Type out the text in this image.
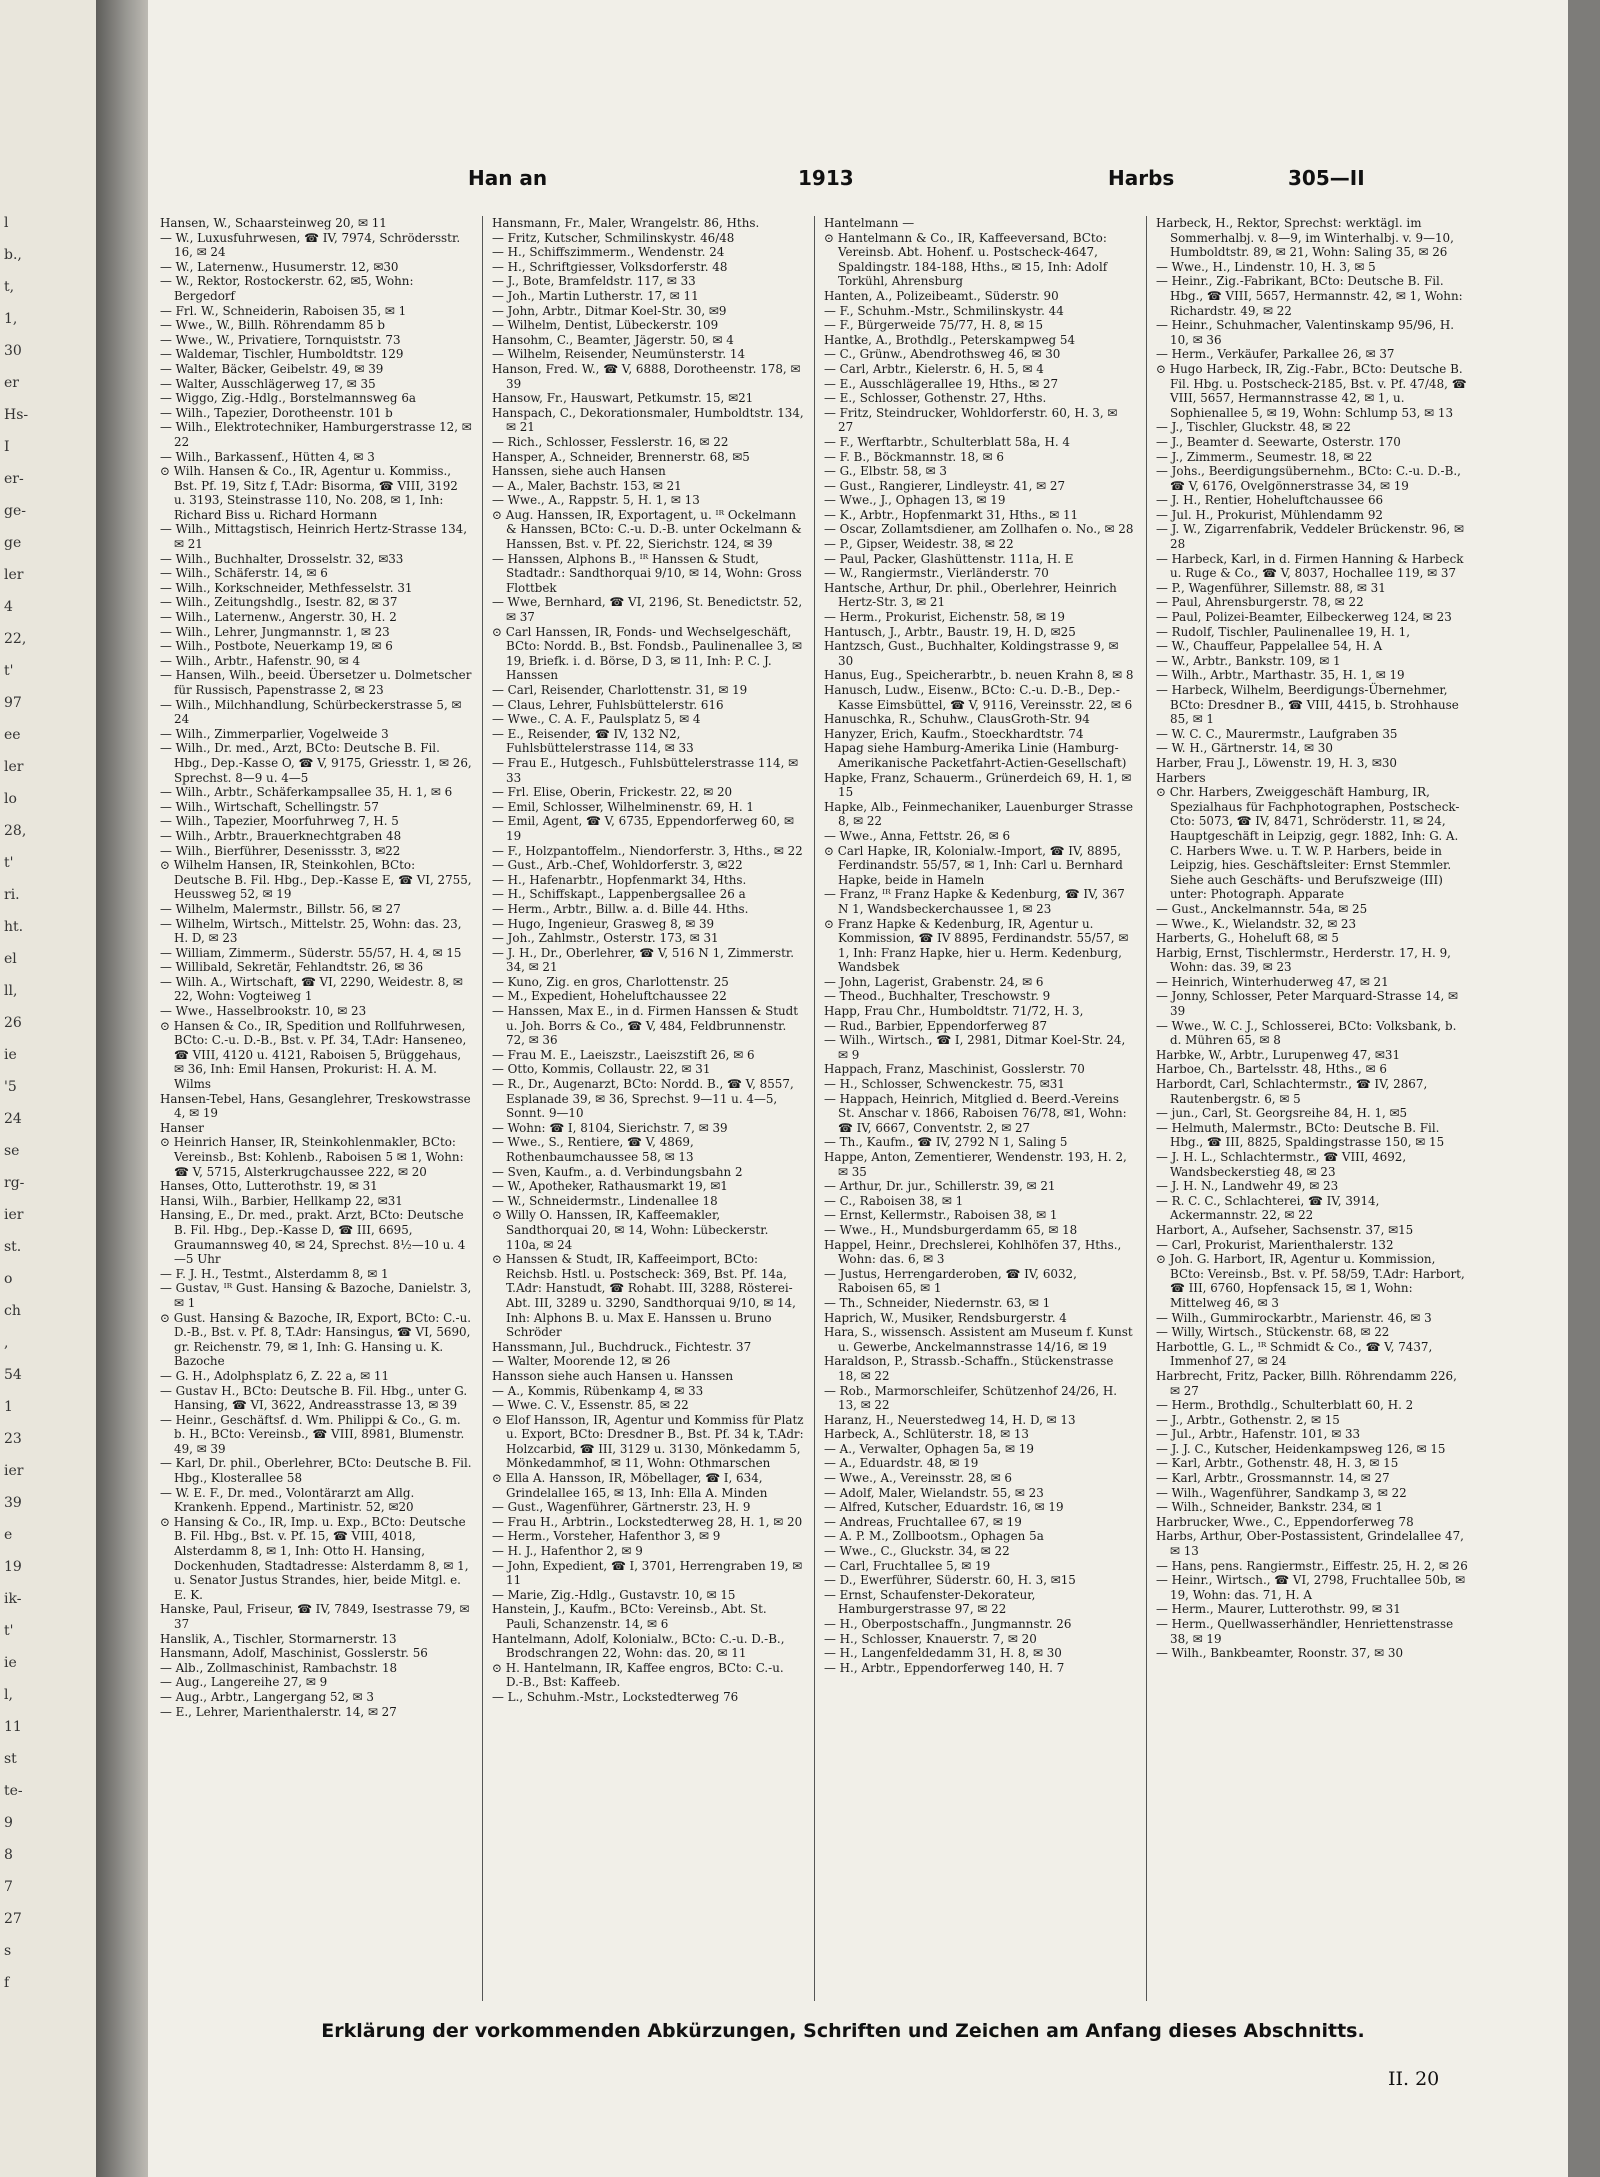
l
b.,
t,
1,
30
er
Hs-
I
er-
ge-
ge
ler
4
22,
t'
97
ee
ler
lo
28,
t'
ri.
ht.
el
ll,
26
ie
'5
24
se
rg-
ier
st.
o
ch
,
54
1
23
ier
39
e
19
ik-
t'
ie
l,
11
st
te-
9
8
7
27
s
f
Han an	1913	Harbs	305—II

Hansen, W., Schaarsteinweg 20, ✉ 11

— W., Luxusfuhrwesen, ☎ IV, 7974, Schrödersstr. 16, ✉ 24

— W., Laternenw., Husumerstr. 12, ✉30

— W., Rektor, Rostockerstr. 62, ✉5, Wohn: Bergedorf

— Frl. W., Schneiderin, Raboisen 35, ✉ 1

— Wwe., W., Billh. Röhrendamm 85 b

— Wwe., W., Privatiere, Tornquiststr. 73

— Waldemar, Tischler, Humboldtstr. 129

— Walter, Bäcker, Geibelstr. 49, ✉ 39

— Walter, Ausschlägerweg 17, ✉ 35

— Wiggo, Zig.-Hdlg., Borstelmannsweg 6a

— Wilh., Tapezier, Dorotheenstr. 101 b

— Wilh., Elektrotechniker, Hamburgerstrasse 12, ✉ 22

— Wilh., Barkassenf., Hütten 4, ✉ 3

⊙ Wilh. Hansen & Co., IR, Agentur u. Kommiss., Bst. Pf. 19, Sitz f, T.Adr: Bisorma, ☎ VIII, 3192 u. 3193, Steinstrasse 110, No. 208, ✉ 1, Inh: Richard Biss u. Richard Hormann

— Wilh., Mittagstisch, Heinrich Hertz-Strasse 134, ✉ 21

— Wilh., Buchhalter, Drosselstr. 32, ✉33

— Wilh., Schäferstr. 14, ✉ 6

— Wilh., Korkschneider, Methfesselstr. 31

— Wilh., Zeitungshdlg., Isestr. 82, ✉ 37

— Wilh., Laternenw., Angerstr. 30, H. 2

— Wilh., Lehrer, Jungmannstr. 1, ✉ 23

— Wilh., Postbote, Neuerkamp 19, ✉ 6

— Wilh., Arbtr., Hafenstr. 90, ✉ 4

— Hansen, Wilh., beeid. Übersetzer u. Dolmetscher für Russisch, Papenstrasse 2, ✉ 23

— Wilh., Milchhandlung, Schürbeckerstrasse 5, ✉ 24

— Wilh., Zimmerparlier, Vogelweide 3

— Wilh., Dr. med., Arzt, BCto: Deutsche B. Fil. Hbg., Dep.-Kasse O, ☎ V, 9175, Griesstr. 1, ✉ 26, Sprechst. 8—9 u. 4—5

— Wilh., Arbtr., Schäferkampsallee 35, H. 1, ✉ 6

— Wilh., Wirtschaft, Schellingstr. 57

— Wilh., Tapezier, Moorfuhrweg 7, H. 5

— Wilh., Arbtr., Brauerknechtgraben 48

— Wilh., Bierführer, Desenissstr. 3, ✉22

⊙ Wilhelm Hansen, IR, Steinkohlen, BCto: Deutsche B. Fil. Hbg., Dep.-Kasse E, ☎ VI, 2755, Heussweg 52, ✉ 19

— Wilhelm, Malermstr., Billstr. 56, ✉ 27

— Wilhelm, Wirtsch., Mittelstr. 25, Wohn: das. 23, H. D, ✉ 23

— William, Zimmerm., Süderstr. 55/57, H. 4, ✉ 15

— Willibald, Sekretär, Fehlandtstr. 26, ✉ 36

— Wilh. A., Wirtschaft, ☎ VI, 2290, Weidestr. 8, ✉ 22, Wohn: Vogteiweg 1

— Wwe., Hasselbrookstr. 10, ✉ 23

⊙ Hansen & Co., IR, Spedition und Rollfuhrwesen, BCto: C.-u. D.-B., Bst. v. Pf. 34, T.Adr: Hanseneo, ☎ VIII, 4120 u. 4121, Raboisen 5, Brüggehaus, ✉ 36, Inh: Emil Hansen, Prokurist: H. A. M. Wilms

Hansen-Tebel, Hans, Gesanglehrer, Treskowstrasse 4, ✉ 19

Hanser

⊙ Heinrich Hanser, IR, Steinkohlenmakler, BCto: Vereinsb., Bst: Kohlenb., Raboisen 5 ✉ 1, Wohn: ☎ V, 5715, Alsterkrugchaussee 222, ✉ 20

Hanses, Otto, Lutterothstr. 19, ✉ 31

Hansi, Wilh., Barbier, Hellkamp 22, ✉31

Hansing, E., Dr. med., prakt. Arzt, BCto: Deutsche B. Fil. Hbg., Dep.-Kasse D, ☎ III, 6695, Graumannsweg 40, ✉ 24, Sprechst. 8½—10 u. 4—5 Uhr

— F. J. H., Testmt., Alsterdamm 8, ✉ 1

— Gustav, ᴵᴿ Gust. Hansing & Bazoche, Danielstr. 3, ✉ 1

⊙ Gust. Hansing & Bazoche, IR, Export, BCto: C.-u. D.-B., Bst. v. Pf. 8, T.Adr: Hansingus, ☎ VI, 5690, gr. Reichenstr. 79, ✉ 1, Inh: G. Hansing u. K. Bazoche

— G. H., Adolphsplatz 6, Z. 22 a, ✉ 11

— Gustav H., BCto: Deutsche B. Fil. Hbg., unter G. Hansing, ☎ VI, 3622, Andreasstrasse 13, ✉ 39

— Heinr., Geschäftsf. d. Wm. Philippi & Co., G. m. b. H., BCto: Vereinsb., ☎ VIII, 8981, Blumenstr. 49, ✉ 39

— Karl, Dr. phil., Oberlehrer, BCto: Deutsche B. Fil. Hbg., Klosterallee 58

— W. E. F., Dr. med., Volontärarzt am Allg. Krankenh. Eppend., Martinistr. 52, ✉20

⊙ Hansing & Co., IR, Imp. u. Exp., BCto: Deutsche B. Fil. Hbg., Bst. v. Pf. 15, ☎ VIII, 4018, Alsterdamm 8, ✉ 1, Inh: Otto H. Hansing, Dockenhuden, Stadtadresse: Alsterdamm 8, ✉ 1, u. Senator Justus Strandes, hier, beide Mitgl. e. E. K.

Hanske, Paul, Friseur, ☎ IV, 7849, Isestrasse 79, ✉37

Hanslik, A., Tischler, Stormarnerstr. 13

Hansmann, Adolf, Maschinist, Gosslerstr. 56

— Alb., Zollmaschinist, Rambachstr. 18

— Aug., Langereihe 27, ✉ 9

— Aug., Arbtr., Langergang 52, ✉ 3

— E., Lehrer, Marienthalerstr. 14, ✉ 27

Hansmann, Fr., Maler, Wrangelstr. 86, Hths.

— Fritz, Kutscher, Schmilinskystr. 46/48

— H., Schiffszimmerm., Wendenstr. 24

— H., Schriftgiesser, Volksdorferstr. 48

— J., Bote, Bramfeldstr. 117, ✉ 33

— Joh., Martin Lutherstr. 17, ✉ 11

— John, Arbtr., Ditmar Koel-Str. 30, ✉9

— Wilhelm, Dentist, Lübeckerstr. 109

Hansohm, C., Beamter, Jägerstr. 50, ✉ 4

— Wilhelm, Reisender, Neumünsterstr. 14

Hanson, Fred. W., ☎ V, 6888, Dorotheenstr. 178, ✉ 39

Hansow, Fr., Hauswart, Petkumstr. 15, ✉21

Hanspach, C., Dekorationsmaler, Humboldtstr. 134, ✉ 21

— Rich., Schlosser, Fesslerstr. 16, ✉ 22

Hansper, A., Schneider, Brennerstr. 68, ✉5

Hanssen, siehe auch Hansen

— A., Maler, Bachstr. 153, ✉ 21

— Wwe., A., Rappstr. 5, H. 1, ✉ 13

⊙ Aug. Hanssen, IR, Exportagent, u. ᴵᴿ Ockelmann & Hanssen, BCto: C.-u. D.-B. unter Ockelmann & Hanssen, Bst. v. Pf. 22, Sierichstr. 124, ✉ 39

— Hanssen, Alphons B., ᴵᴿ Hanssen & Studt, Stadtadr.: Sandthorquai 9/10, ✉ 14, Wohn: Gross Flottbek

— Wwe, Bernhard, ☎ VI, 2196, St. Benedictstr. 52, ✉ 37

⊙ Carl Hanssen, IR, Fonds- und Wechselgeschäft, BCto: Nordd. B., Bst. Fondsb., Paulinenallee 3, ✉ 19, Briefk. i. d. Börse, D 3, ✉ 11, Inh: P. C. J. Hanssen

— Carl, Reisender, Charlottenstr. 31, ✉ 19

— Claus, Lehrer, Fuhlsbüttelerstr. 616

— Wwe., C. A. F., Paulsplatz 5, ✉ 4

— E., Reisender, ☎ IV, 132 N2, Fuhlsbüttelerstrasse 114, ✉ 33

— Frau E., Hutgesch., Fuhlsbüttelerstrasse 114, ✉ 33

— Frl. Elise, Oberin, Frickestr. 22, ✉ 20

— Emil, Schlosser, Wilhelminenstr. 69, H. 1

— Emil, Agent, ☎ V, 6735, Eppendorferweg 60, ✉ 19

— F., Holzpantoffelm., Niendorferstr. 3, Hths., ✉ 22

— Gust., Arb.-Chef, Wohldorferstr. 3, ✉22

— H., Hafenarbtr., Hopfenmarkt 34, Hths.

— H., Schiffskapt., Lappenbergsallee 26 a

— Herm., Arbtr., Billw. a. d. Bille 44. Hths.

— Hugo, Ingenieur, Grasweg 8, ✉ 39

— Joh., Zahlmstr., Osterstr. 173, ✉ 31

— J. H., Dr., Oberlehrer, ☎ V, 516 N 1, Zimmerstr. 34, ✉ 21

— Kuno, Zig. en gros, Charlottenstr. 25

— M., Expedient, Hoheluftchaussee 22

— Hanssen, Max E., in d. Firmen Hanssen & Studt u. Joh. Borrs & Co., ☎ V, 484, Feldbrunnenstr. 72, ✉ 36

— Frau M. E., Laeiszstr., Laeiszstift 26, ✉ 6

— Otto, Kommis, Collaustr. 22, ✉ 31

— R., Dr., Augenarzt, BCto: Nordd. B., ☎ V, 8557, Esplanade 39, ✉ 36, Sprechst. 9—11 u. 4—5, Sonnt. 9—10

— Wohn: ☎ I, 8104, Sierichstr. 7, ✉ 39

— Wwe., S., Rentiere, ☎ V, 4869, Rothenbaumchaussee 58, ✉ 13

— Sven, Kaufm., a. d. Verbindungsbahn 2

— W., Apotheker, Rathausmarkt 19, ✉1

— W., Schneidermstr., Lindenallee 18

⊙ Willy O. Hanssen, IR, Kaffeemakler, Sandthorquai 20, ✉ 14, Wohn: Lübeckerstr. 110a, ✉ 24

⊙ Hanssen & Studt, IR, Kaffeeimport, BCto: Reichsb. Hstl. u. Postscheck: 369, Bst. Pf. 14a, T.Adr: Hanstudt, ☎ Rohabt. III, 3288, Rösterei-Abt. III, 3289 u. 3290, Sandthorquai 9/10, ✉ 14, Inh: Alphons B. u. Max E. Hanssen u. Bruno Schröder

Hanssmann, Jul., Buchdruck., Fichtestr. 37

— Walter, Moorende 12, ✉ 26

Hansson siehe auch Hansen u. Hanssen

— A., Kommis, Rübenkamp 4, ✉ 33

— Wwe. C. V., Essenstr. 85, ✉ 22

⊙ Elof Hansson, IR, Agentur und Kommiss für Platz u. Export, BCto: Dresdner B., Bst. Pf. 34 k, T.Adr: Holzcarbid, ☎ III, 3129 u. 3130, Mönkedamm 5, Mönkedammhof, ✉ 11, Wohn: Othmarschen

⊙ Ella A. Hansson, IR, Möbellager, ☎ I, 634, Grindelallee 165, ✉ 13, Inh: Ella A. Minden

— Gust., Wagenführer, Gärtnerstr. 23, H. 9

— Frau H., Arbtrin., Lockstedterweg 28, H. 1, ✉ 20

— Herm., Vorsteher, Hafenthor 3, ✉ 9

— H. J., Hafenthor 2, ✉ 9

— John, Expedient, ☎ I, 3701, Herrengraben 19, ✉ 11

— Marie, Zig.-Hdlg., Gustavstr. 10, ✉ 15

Hanstein, J., Kaufm., BCto: Vereinsb., Abt. St. Pauli, Schanzenstr. 14, ✉ 6

Hantelmann, Adolf, Kolonialw., BCto: C.-u. D.-B., Brodschrangen 22, Wohn: das. 20, ✉ 11

⊙ H. Hantelmann, IR, Kaffee engros, BCto: C.-u. D.-B., Bst: Kaffeeb.

— L., Schuhm.-Mstr., Lockstedterweg 76

Hantelmann —

⊙ Hantelmann & Co., IR, Kaffeeversand, BCto: Vereinsb. Abt. Hohenf. u. Postscheck-4647, Spaldingstr. 184-188, Hths., ✉ 15, Inh: Adolf Torkühl, Ahrensburg

Hanten, A., Polizeibeamt., Süderstr. 90

— F., Schuhm.-Mstr., Schmilinskystr. 44

— F., Bürgerweide 75/77, H. 8, ✉ 15

Hantke, A., Brothdlg., Peterskampweg 54

— C., Grünw., Abendrothsweg 46, ✉ 30

— Carl, Arbtr., Kielerstr. 6, H. 5, ✉ 4

— E., Ausschlägerallee 19, Hths., ✉ 27

— E., Schlosser, Gothenstr. 27, Hths.

— Fritz, Steindrucker, Wohldorferstr. 60, H. 3, ✉ 27

— F., Werftarbtr., Schulterblatt 58a, H. 4

— F. B., Böckmannstr. 18, ✉ 6

— G., Elbstr. 58, ✉ 3

— Gust., Rangierer, Lindleystr. 41, ✉ 27

— Wwe., J., Ophagen 13, ✉ 19

— K., Arbtr., Hopfenmarkt 31, Hths., ✉ 11

— Oscar, Zollamtsdiener, am Zollhafen o. No., ✉ 28

— P., Gipser, Weidestr. 38, ✉ 22

— Paul, Packer, Glashüttenstr. 111a, H. E

— W., Rangiermstr., Vierländerstr. 70

Hantsche, Arthur, Dr. phil., Oberlehrer, Heinrich Hertz-Str. 3, ✉ 21

— Herm., Prokurist, Eichenstr. 58, ✉ 19

Hantusch, J., Arbtr., Baustr. 19, H. D, ✉25

Hantzsch, Gust., Buchhalter, Koldingstrasse 9, ✉ 30

Hanus, Eug., Speicherarbtr., b. neuen Krahn 8, ✉ 8

Hanusch, Ludw., Eisenw., BCto: C.-u. D.-B., Dep.-Kasse Eimsbüttel, ☎ V, 9116, Vereinsstr. 22, ✉ 6

Hanuschka, R., Schuhw., ClausGroth-Str. 94

Hanyzer, Erich, Kaufm., Stoeckhardtstr. 74

Hapag siehe Hamburg-Amerika Linie (Hamburg-Amerikanische Packetfahrt-Actien-Gesellschaft)

Hapke, Franz, Schauerm., Grünerdeich 69, H. 1, ✉ 15

Hapke, Alb., Feinmechaniker, Lauenburger Strasse 8, ✉ 22

— Wwe., Anna, Fettstr. 26, ✉ 6

⊙ Carl Hapke, IR, Kolonialw.-Import, ☎ IV, 8895, Ferdinandstr. 55/57, ✉ 1, Inh: Carl u. Bernhard Hapke, beide in Hameln

— Franz, ᴵᴿ Franz Hapke & Kedenburg, ☎ IV, 367 N 1, Wandsbeckerchaussee 1, ✉ 23

⊙ Franz Hapke & Kedenburg, IR, Agentur u. Kommission, ☎ IV 8895, Ferdinandstr. 55/57, ✉ 1, Inh: Franz Hapke, hier u. Herm. Kedenburg, Wandsbek

— John, Lagerist, Grabenstr. 24, ✉ 6

— Theod., Buchhalter, Treschowstr. 9

Happ, Frau Chr., Humboldtstr. 71/72, H. 3,

— Rud., Barbier, Eppendorferweg 87

— Wilh., Wirtsch., ☎ I, 2981, Ditmar Koel-Str. 24, ✉ 9

Happach, Franz, Maschinist, Gosslerstr. 70

— H., Schlosser, Schwenckestr. 75, ✉31

— Happach, Heinrich, Mitglied d. Beerd.-Vereins St. Anschar v. 1866, Raboisen 76/78, ✉1, Wohn: ☎ IV, 6667, Conventstr. 2, ✉ 27

— Th., Kaufm., ☎ IV, 2792 N 1, Saling 5

Happe, Anton, Zementierer, Wendenstr. 193, H. 2, ✉ 35

— Arthur, Dr. jur., Schillerstr. 39, ✉ 21

— C., Raboisen 38, ✉ 1

— Ernst, Kellermstr., Raboisen 38, ✉ 1

— Wwe., H., Mundsburgerdamm 65, ✉ 18

Happel, Heinr., Drechslerei, Kohlhöfen 37, Hths., Wohn: das. 6, ✉ 3

— Justus, Herrengarderoben, ☎ IV, 6032, Raboisen 65, ✉ 1

— Th., Schneider, Niedernstr. 63, ✉ 1

Haprich, W., Musiker, Rendsburgerstr. 4

Hara, S., wissensch. Assistent am Museum f. Kunst u. Gewerbe, Anckelmannstrasse 14/16, ✉ 19

Haraldson, P., Strassb.-Schaffn., Stückenstrasse 18, ✉ 22

— Rob., Marmorschleifer, Schützenhof 24/26, H. 13, ✉ 22

Haranz, H., Neuerstedweg 14, H. D, ✉ 13

Harbeck, A., Schlüterstr. 18, ✉ 13

— A., Verwalter, Ophagen 5a, ✉ 19

— A., Eduardstr. 48, ✉ 19

— Wwe., A., Vereinsstr. 28, ✉ 6

— Adolf, Maler, Wielandstr. 55, ✉ 23

— Alfred, Kutscher, Eduardstr. 16, ✉ 19

— Andreas, Fruchtallee 67, ✉ 19

— A. P. M., Zollbootsm., Ophagen 5a

— Wwe., C., Gluckstr. 34, ✉ 22

— Carl, Fruchtallee 5, ✉ 19

— D., Ewerführer, Süderstr. 60, H. 3, ✉15

— Ernst, Schaufenster-Dekorateur, Hamburgerstrasse 97, ✉ 22

— H., Oberpostschaffn., Jungmannstr. 26

— H., Schlosser, Knauerstr. 7, ✉ 20

— H., Langenfeldedamm 31, H. 8, ✉ 30

— H., Arbtr., Eppendorferweg 140, H. 7

Harbeck, H., Rektor, Sprechst: werktägl. im Sommerhalbj. v. 8—9, im Winterhalbj. v. 9—10, Humboldtstr. 89, ✉ 21, Wohn: Saling 35, ✉ 26

— Wwe., H., Lindenstr. 10, H. 3, ✉ 5

— Heinr., Zig.-Fabrikant, BCto: Deutsche B. Fil. Hbg., ☎ VIII, 5657, Hermannstr. 42, ✉ 1, Wohn: Richardstr. 49, ✉ 22

— Heinr., Schuhmacher, Valentinskamp 95/96, H. 10, ✉ 36

— Herm., Verkäufer, Parkallee 26, ✉ 37

⊙ Hugo Harbeck, IR, Zig.-Fabr., BCto: Deutsche B. Fil. Hbg. u. Postscheck-2185, Bst. v. Pf. 47/48, ☎ VIII, 5657, Hermannstrasse 42, ✉ 1, u. Sophienallee 5, ✉ 19, Wohn: Schlump 53, ✉ 13

— J., Tischler, Gluckstr. 48, ✉ 22

— J., Beamter d. Seewarte, Osterstr. 170

— J., Zimmerm., Seumestr. 18, ✉ 22

— Johs., Beerdigungsübernehm., BCto: C.-u. D.-B., ☎ V, 6176, Ovelgönnerstrasse 34, ✉ 19

— J. H., Rentier, Hoheluftchaussee 66

— Jul. H., Prokurist, Mühlendamm 92

— J. W., Zigarrenfabrik, Veddeler Brückenstr. 96, ✉ 28

— Harbeck, Karl, in d. Firmen Hanning & Harbeck u. Ruge & Co., ☎ V, 8037, Hochallee 119, ✉ 37

— P., Wagenführer, Sillemstr. 88, ✉ 31

— Paul, Ahrensburgerstr. 78, ✉ 22

— Paul, Polizei-Beamter, Eilbeckerweg 124, ✉ 23

— Rudolf, Tischler, Paulinenallee 19, H. 1,

— W., Chauffeur, Pappelallee 54, H. A

— W., Arbtr., Bankstr. 109, ✉ 1

— Wilh., Arbtr., Marthastr. 35, H. 1, ✉ 19

— Harbeck, Wilhelm, Beerdigungs-Übernehmer, BCto: Dresdner B., ☎ VIII, 4415, b. Strohhause 85, ✉ 1

— W. C. C., Maurermstr., Laufgraben 35

— W. H., Gärtnerstr. 14, ✉ 30

Harber, Frau J., Löwenstr. 19, H. 3, ✉30

Harbers

⊙ Chr. Harbers, Zweiggeschäft Hamburg, IR, Spezialhaus für Fachphotographen, Postscheck-Cto: 5073, ☎ IV, 8471, Schröderstr. 11, ✉ 24, Hauptgeschäft in Leipzig, gegr. 1882, Inh: G. A. C. Harbers Wwe. u. T. W. P. Harbers, beide in Leipzig, hies. Geschäftsleiter: Ernst Stemmler. Siehe auch Geschäfts- und Berufszweige (III) unter: Photograph. Apparate

— Gust., Anckelmannstr. 54a, ✉ 25

— Wwe., K., Wielandstr. 32, ✉ 23

Harberts, G., Hoheluft 68, ✉ 5

Harbig, Ernst, Tischlermstr., Herderstr. 17, H. 9, Wohn: das. 39, ✉ 23

— Heinrich, Winterhuderweg 47, ✉ 21

— Jonny, Schlosser, Peter Marquard-Strasse 14, ✉ 39

— Wwe., W. C. J., Schlosserei, BCto: Volksbank, b. d. Mühren 65, ✉ 8

Harbke, W., Arbtr., Lurupenweg 47, ✉31

Harboe, Ch., Bartelsstr. 48, Hths., ✉ 6

Harbordt, Carl, Schlachtermstr., ☎ IV, 2867, Rautenbergstr. 6, ✉ 5

— jun., Carl, St. Georgsreihe 84, H. 1, ✉5

— Helmuth, Malermstr., BCto: Deutsche B. Fil. Hbg., ☎ III, 8825, Spaldingstrasse 150, ✉ 15

— J. H. L., Schlachtermstr., ☎ VIII, 4692, Wandsbeckerstieg 48, ✉ 23

— J. H. N., Landwehr 49, ✉ 23

— R. C. C., Schlachterei, ☎ IV, 3914, Ackermannstr. 22, ✉ 22

Harbort, A., Aufseher, Sachsenstr. 37, ✉15

— Carl, Prokurist, Marienthalerstr. 132

⊙ Joh. G. Harbort, IR, Agentur u. Kommission, BCto: Vereinsb., Bst. v. Pf. 58/59, T.Adr: Harbort, ☎ III, 6760, Hopfensack 15, ✉ 1, Wohn: Mittelweg 46, ✉ 3

— Wilh., Gummirockarbtr., Marienstr. 46, ✉ 3

— Willy, Wirtsch., Stückenstr. 68, ✉ 22

Harbottle, G. L., ᴵᴿ Schmidt & Co., ☎ V, 7437, Immenhof 27, ✉ 24

Harbrecht, Fritz, Packer, Billh. Röhrendamm 226, ✉ 27

— Herm., Brothdlg., Schulterblatt 60, H. 2

— J., Arbtr., Gothenstr. 2, ✉ 15

— Jul., Arbtr., Hafenstr. 101, ✉ 33

— J. J. C., Kutscher, Heidenkampsweg 126, ✉ 15

— Karl, Arbtr., Gothenstr. 48, H. 3, ✉ 15

— Karl, Arbtr., Grossmannstr. 14, ✉ 27

— Wilh., Wagenführer, Sandkamp 3, ✉ 22

— Wilh., Schneider, Bankstr. 234, ✉ 1

Harbrucker, Wwe., C., Eppendorferweg 78

Harbs, Arthur, Ober-Postassistent, Grindelallee 47, ✉ 13

— Hans, pens. Rangiermstr., Eiffestr. 25, H. 2, ✉ 26

— Heinr., Wirtsch., ☎ VI, 2798, Fruchtallee 50b, ✉ 19, Wohn: das. 71, H. A

— Herm., Maurer, Lutterothstr. 99, ✉ 31

— Herm., Quellwasserhändler, Henriettenstrasse 38, ✉ 19

— Wilh., Bankbeamter, Roonstr. 37, ✉ 30

Erklärung der vorkommenden Abkürzungen, Schriften und Zeichen am Anfang dieses Abschnitts.
II. 20
